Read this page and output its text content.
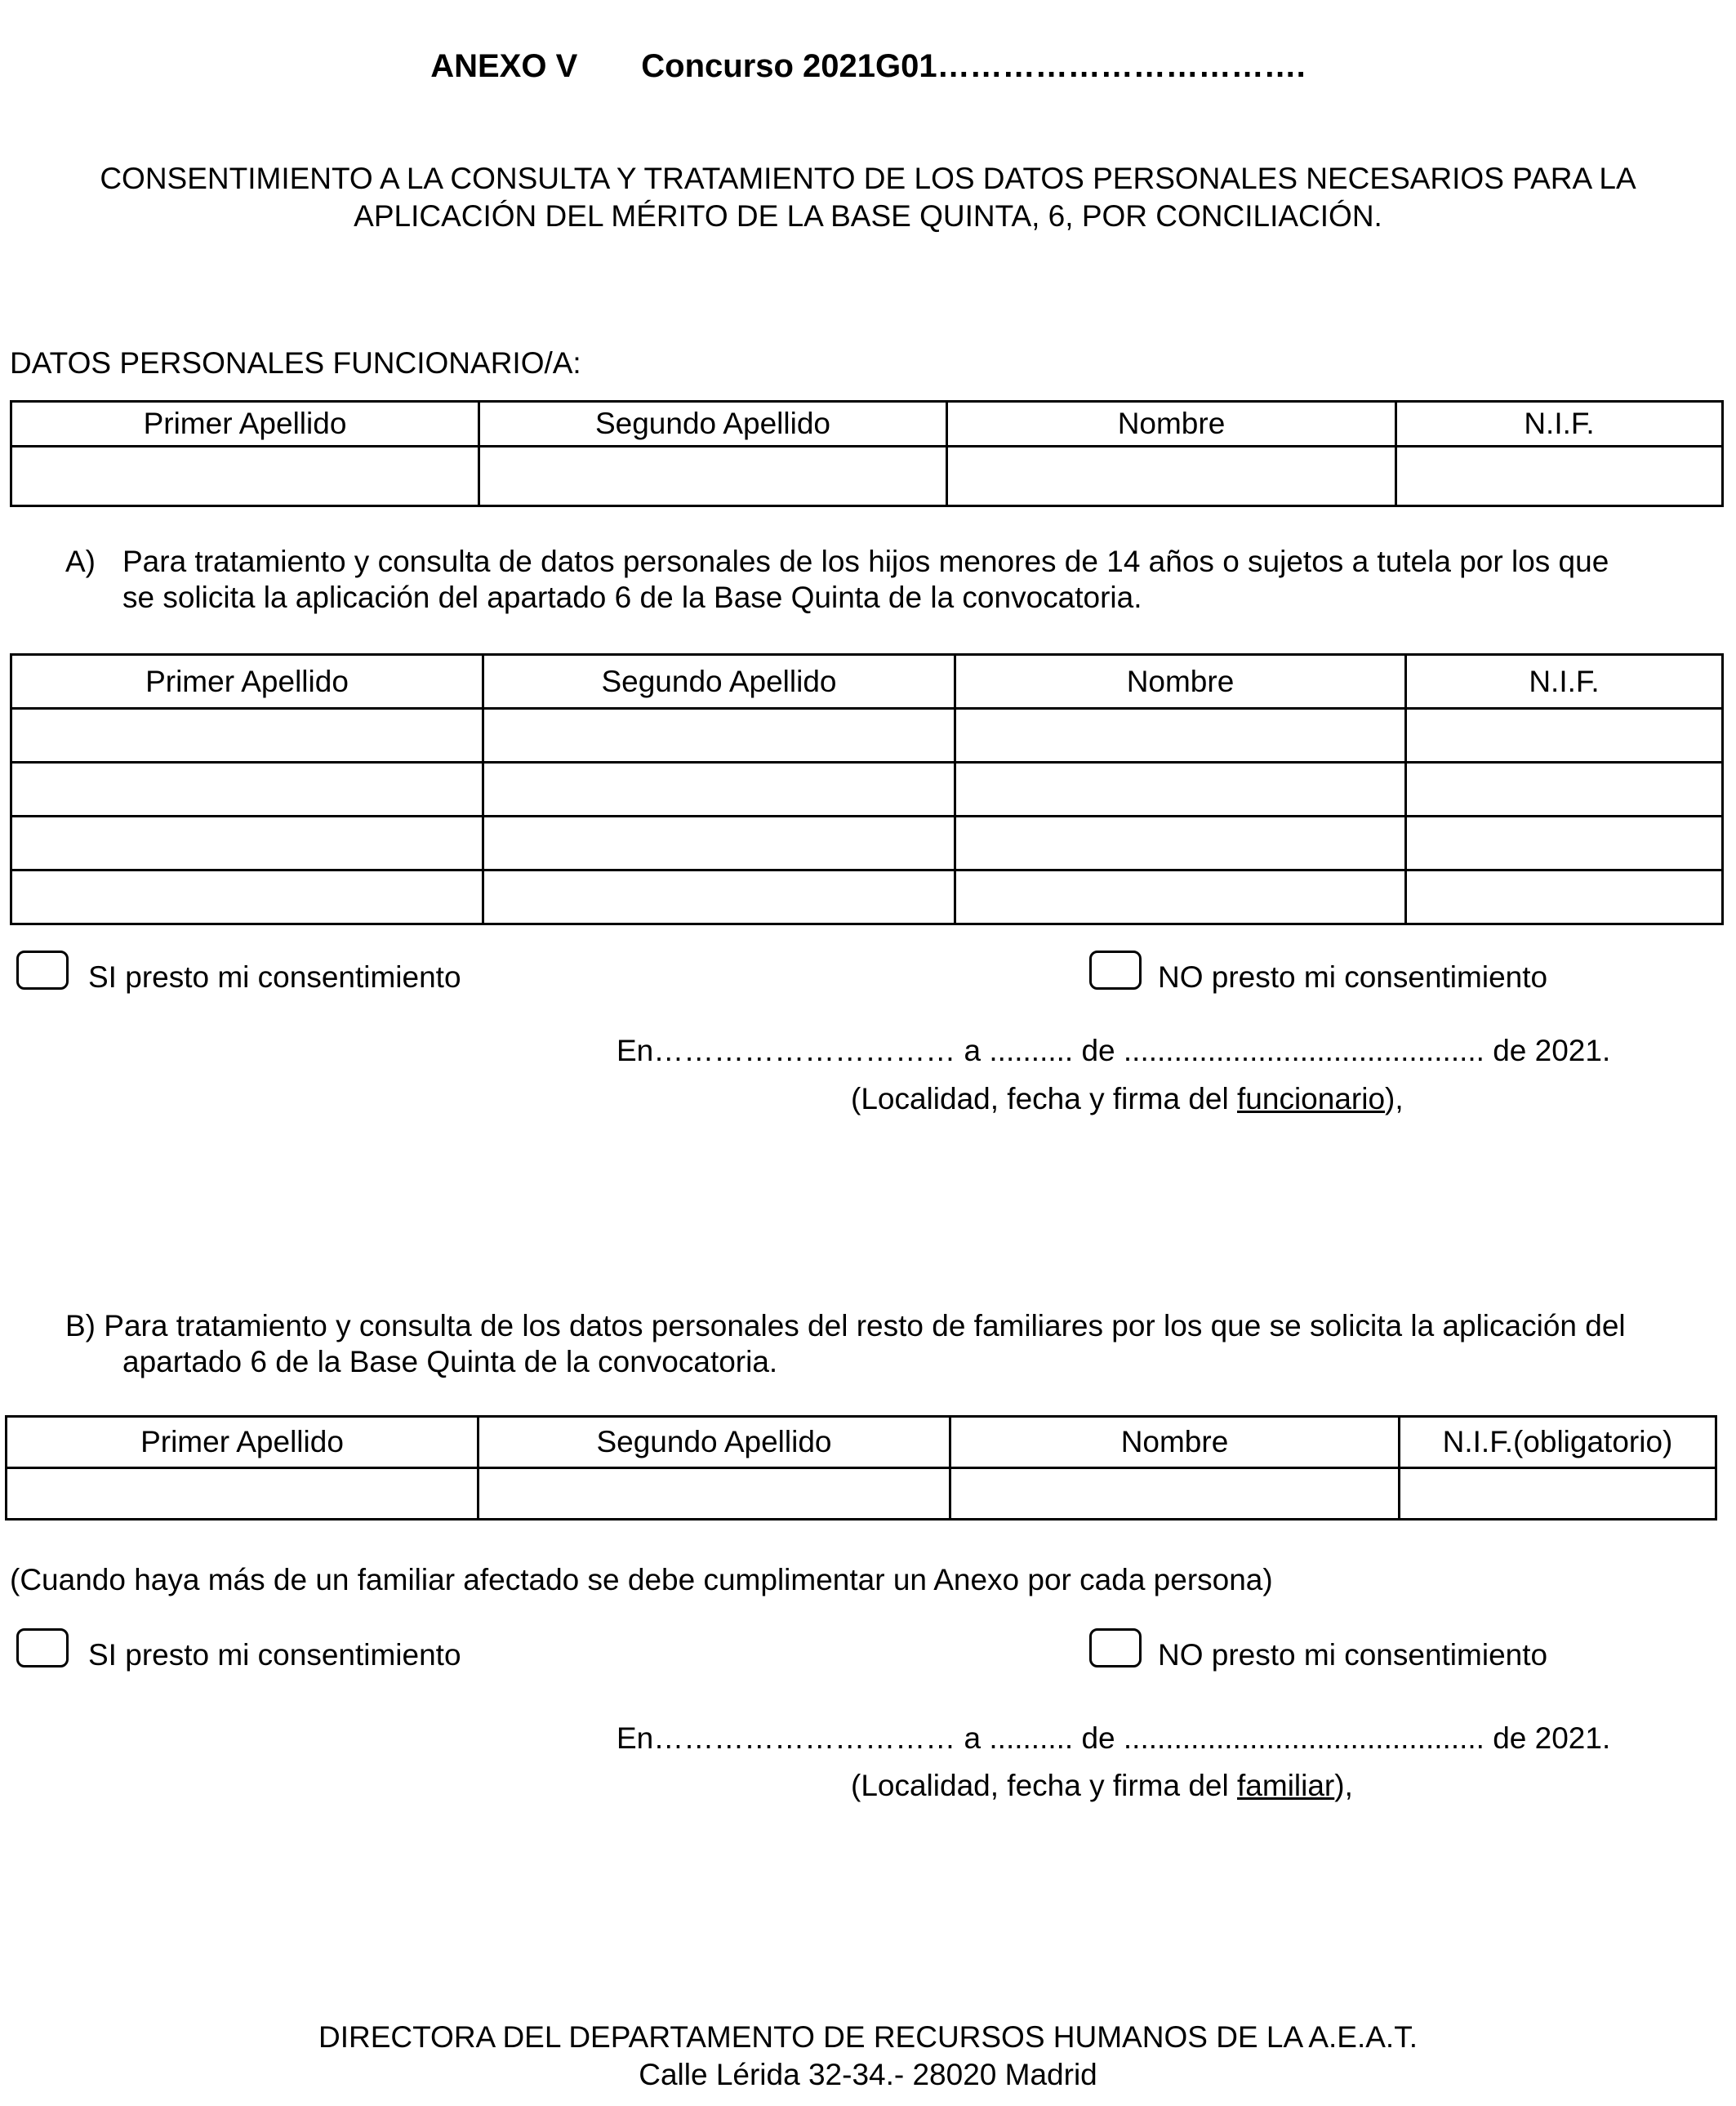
ANEXO V Concurso 2021G01…………………………….
CONSENTIMIENTO A LA CONSULTA Y TRATAMIENTO DE LOS DATOS PERSONALES NECESARIOS PARA LA
APLICACIÓN DEL MÉRITO DE LA BASE QUINTA, 6, POR CONCILIACIÓN.
DATOS PERSONALES FUNCIONARIO/A:
Primer Apellido	Segundo Apellido	Nombre	N.I.F.

A) Para tratamiento y consulta de datos personales de los hijos menores de 14 años o sujetos a tutela por los que
se solicita la aplicación del apartado 6 de la Base Quinta de la convocatoria.
Primer Apellido	Segundo Apellido	Nombre	N.I.F.

SI presto mi consentimiento	NO presto mi consentimiento
En………………………… a .......... de ........................................... de 2021.
(Localidad, fecha y firma del funcionario),
B) Para tratamiento y consulta de los datos personales del resto de familiares por los que se solicita la aplicación del
apartado 6 de la Base Quinta de la convocatoria.
Primer Apellido	Segundo Apellido	Nombre	N.I.F.(obligatorio)

(Cuando haya más de un familiar afectado se debe cumplimentar un Anexo por cada persona)
SI presto mi consentimiento	NO presto mi consentimiento
En………………………… a .......... de ........................................... de 2021.
(Localidad, fecha y firma del familiar),
DIRECTORA DEL DEPARTAMENTO DE RECURSOS HUMANOS DE LA A.E.A.T.
Calle Lérida 32-34.- 28020 Madrid
